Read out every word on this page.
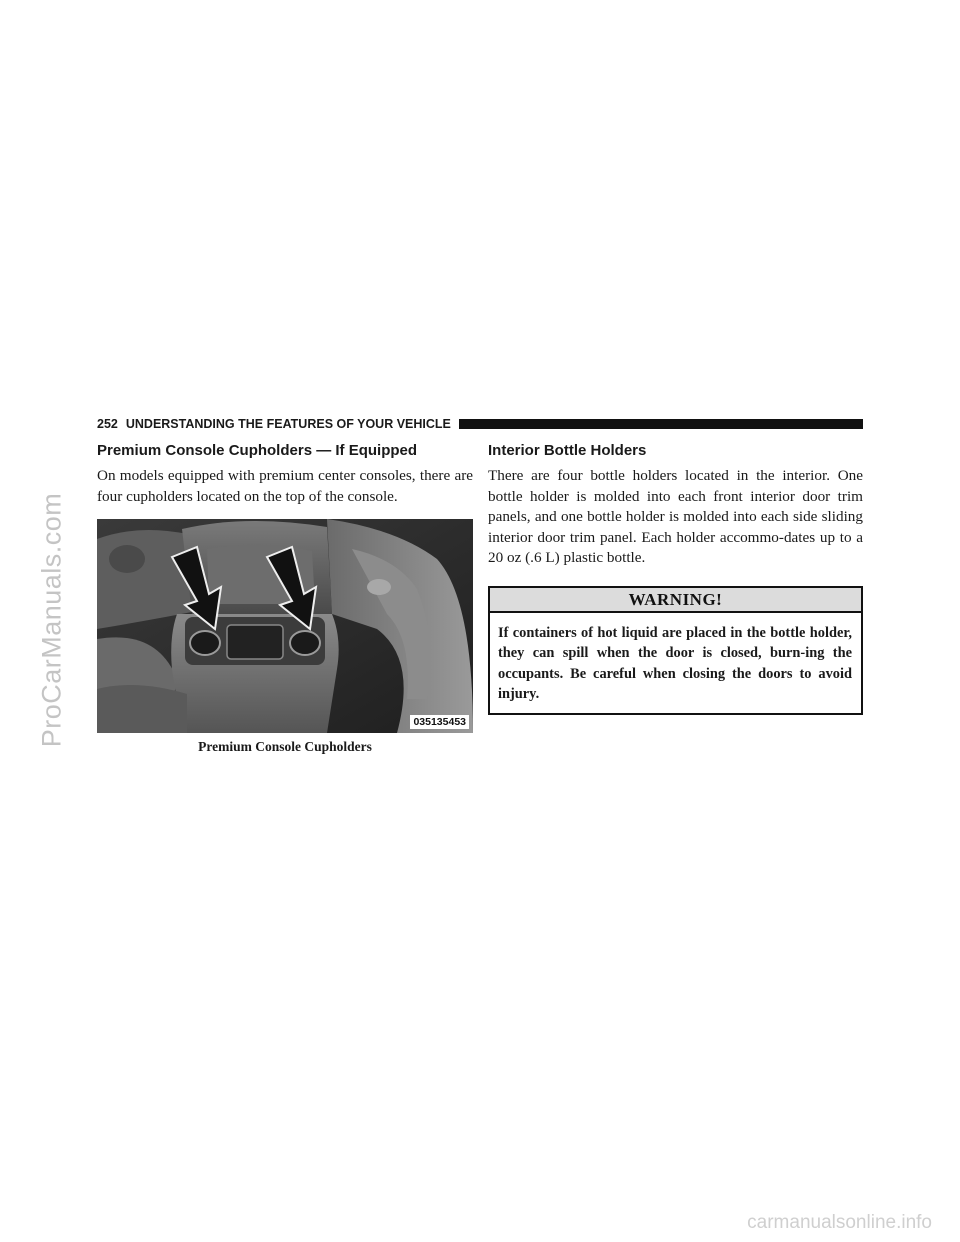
ProCarManuals.com
252 UNDERSTANDING THE FEATURES OF YOUR VEHICLE
Premium Console Cupholders — If Equipped

On models equipped with premium center consoles, there are four cupholders located on the top of the console.

035135453
Premium Console Cupholders
Interior Bottle Holders

There are four bottle holders located in the interior. One bottle holder is molded into each front interior door trim panels, and one bottle holder is molded into each side sliding interior door trim panel. Each holder accommo-dates up to a 20 oz (.6 L) plastic bottle.

WARNING!
If containers of hot liquid are placed in the bottle holder, they can spill when the door is closed, burn-ing the occupants. Be careful when closing the doors to avoid injury.
carmanualsonline.info
